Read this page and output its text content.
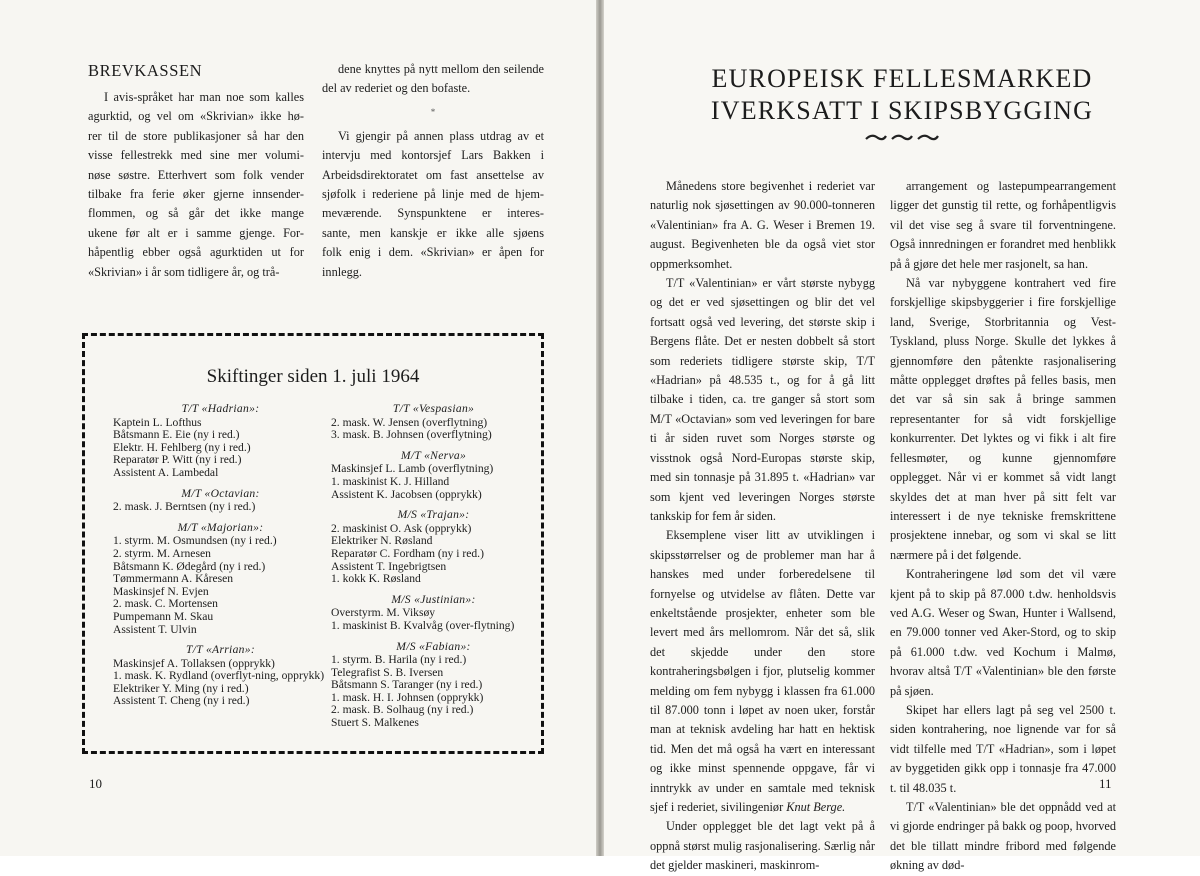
BREVKASSEN
I avis-språket har man noe som kalles
agurktid, og vel om «Skrivian» ikke hø-
rer til de store publikasjoner så har den
visse fellestrekk med sine mer volumi-
nøse søstre. Etterhvert som folk vender
tilbake fra ferie øker gjerne innsender-
flommen, og så går det ikke mange
ukene før alt er i samme gjenge. For-
håpentlig ebber også agurktiden ut for
«Skrivian» i år som tidligere år, og trå-
dene knyttes på nytt mellom den seilende
del av rederiet og den bofaste.
*
Vi gjengir på annen plass utdrag av et
intervju med kontorsjef Lars Bakken i
Arbeidsdirektoratet om fast ansettelse av
sjøfolk i rederiene på linje med de hjem-
meværende. Synspunktene er interes-
sante, men kanskje er ikke alle sjøens
folk enig i dem. «Skrivian» er åpen for
innlegg.
Skiftinger siden 1. juli 1964
T/T «Hadrian»:
Kaptein L. Lofthus
Båtsmann E. Eie (ny i red.)
Elektr. H. Fehlberg (ny i red.)
Reparatør P. Witt (ny i red.)
Assistent A. Lambedal
M/T «Octavian:
2. mask. J. Berntsen (ny i red.)
M/T «Majorian»:
1. styrm. M. Osmundsen (ny i red.)
2. styrm. M. Arnesen
Båtsmann K. Ødegård (ny i red.)
Tømmermann A. Kåresen
Maskinsjef N. Evjen
2. mask. C. Mortensen
Pumpemann M. Skau
Assistent T. Ulvin
T/T «Arrian»:
Maskinsjef A. Tollaksen (opprykk)
1. mask. K. Rydland (overflyt-ning, opprykk)
Elektriker Y. Ming (ny i red.)
Assistent T. Cheng (ny i red.)
T/T «Vespasian»
2. mask. W. Jensen (overflytning)
3. mask. B. Johnsen (overflytning)
M/T «Nerva»
Maskinsjef L. Lamb (overflytning)
1. maskinist K. J. Hilland
Assistent K. Jacobsen (opprykk)
M/S «Trajan»:
2. maskinist O. Ask (opprykk)
Elektriker N. Røsland
Reparatør C. Fordham (ny i red.)
Assistent T. Ingebrigtsen
1. kokk K. Røsland
M/S «Justinian»:
Overstyrm. M. Viksøy
1. maskinist B. Kvalvåg (over-flytning)
M/S «Fabian»:
1. styrm. B. Harila (ny i red.)
Telegrafist S. B. Iversen
Båtsmann S. Taranger (ny i red.)
1. mask. H. I. Johnsen (opprykk)
2. mask. B. Solhaug (ny i red.)
Stuert S. Malkenes
10
EUROPEISK FELLESMARKED
IVERKSATT I SKIPSBYGGING

Månedens store begivenhet i rederiet var naturlig nok sjøsettingen av 90.000-tonneren «Valentinian» fra A. G. Weser i Bremen 19. august. Begivenheten ble da også viet stor oppmerksomhet.

T/T «Valentinian» er vårt største nybygg og det er ved sjøsettingen og blir det vel fortsatt også ved levering, det største skip i Bergens flåte. Det er nesten dobbelt så stort som rederiets tidligere største skip, T/T «Hadrian» på 48.535 t., og for å gå litt tilbake i tiden, ca. tre ganger så stort som M/T «Octavian» som ved leveringen for bare ti år siden ruvet som Norges største og visstnok også Nord-Europas største skip, med sin tonnasje på 31.895 t. «Hadrian» var som kjent ved leveringen Norges største tankskip for fem år siden.

Eksemplene viser litt av utviklingen i skipsstørrelser og de problemer man har å hanskes med under forberedelsene til fornyelse og utvidelse av flåten. Dette var enkeltstående prosjekter, enheter som ble levert med års mellomrom. Når det så, slik det skjedde under den store kontraheringsbølgen i fjor, plutselig kommer melding om fem nybygg i klassen fra 61.000 til 87.000 tonn i løpet av noen uker, forstår man at teknisk avdeling har hatt en hektisk tid. Men det må også ha vært en interessant og ikke minst spennende oppgave, får vi inntrykk av under en samtale med teknisk sjef i rederiet, sivilingeniør Knut Berge.

Under opplegget ble det lagt vekt på å oppnå størst mulig rasjonalisering. Særlig når det gjelder maskineri, maskinrom-

arrangement og lastepumpearrangement ligger det gunstig til rette, og forhåpentligvis vil det vise seg å svare til forventningene. Også innredningen er forandret med henblikk på å gjøre det hele mer rasjonelt, sa han.

Nå var nybyggene kontrahert ved fire forskjellige skipsbyggerier i fire forskjellige land, Sverige, Storbritannia og Vest-Tyskland, pluss Norge. Skulle det lykkes å gjennomføre den påtenkte rasjonalisering måtte opplegget drøftes på felles basis, men det var så sin sak å bringe sammen representanter for så vidt forskjellige konkurrenter. Det lyktes og vi fikk i alt fire fellesmøter, og kunne gjennomføre opplegget. Når vi er kommet så vidt langt skyldes det at man hver på sitt felt var interessert i de nye tekniske fremskrittene prosjektene innebar, og som vi skal se litt nærmere på i det følgende.

Kontraheringene lød som det vil være kjent på to skip på 87.000 t.dw. henholdsvis ved A.G. Weser og Swan, Hunter i Wallsend, en 79.000 tonner ved Aker-Stord, og to skip på 61.000 t.dw. ved Kochum i Malmø, hvorav altså T/T «Valentinian» ble den første på sjøen.

Skipet har ellers lagt på seg vel 2500 t. siden kontrahering, noe lignende var for så vidt tilfelle med T/T «Hadrian», som i løpet av byggetiden gikk opp i tonnasje fra 47.000 t. til 48.035 t.

T/T «Valentinian» ble det oppnådd ved at vi gjorde endringer på bakk og poop, hvorved det ble tillatt mindre fribord med følgende økning av død-

11
